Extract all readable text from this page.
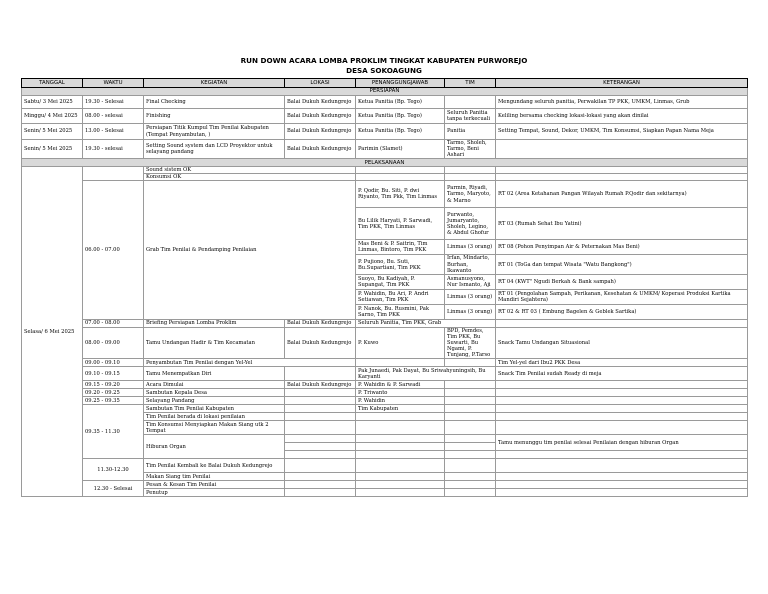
RUN DOWN ACARA LOMBA PROKLIM TINGKAT KABUPATEN PURWOREJO
DESA SOKOAGUNG
TANGGAL	WAKTU	KEGIATAN	LOKASI	PENANGGUNGJAWAB	TIM	KETERANGAN
PERSIAPAN						
Sabtu/ 3 Mei 2025	19.30 - Selesai	Final Checking	Balai Dukuh Kedungrejo	Ketua Panitia (Bp. Tego)		Mengundang seluruh panitia, Perwakilan TP PKK, UMKM, Linmas, Grub
Minggu/ 4 Mei 2025	08.00 - selesai	Finishing	Balai Dukuh Kedungrejo	Ketua Panitia (Bp. Tego)	Seluruh Panitia tanpa terkecuali	Keliling bersama checking lokasi-lokasi yang akan dinilai
Senin/ 5 Mei 2025	13.00 - Selesai	Persiapan Titik Kumpul Tim Penilai Kabupaten (Tempat Penyambutan, )	Balai Dukuh Kedungrejo	Ketua Panitia (Bp. Tego)	Panitia	Setting Tempat, Sound, Dekor, UMKM, Tim Konsumsi, Siapkan Papan Nama Meja
Senin/ 5 Mei 2025	19.30 - selesai	Setting Sound system dan LCD Proyektor untuk selayang pandang	Balai Dukuh Kedungrejo	Parimin (Slamet)	Tarmo, Sholeh, Tarmo, Beni Ashari	
PELAKSANAAN						
Selasa/ 6 Mei 2025		Sound sistem OK				
		Konsumsi OK				
	06.00 - 07.00	Grab Tim Penilai & Pendamping Penilaian		P. Qodir, Bu. Siti, P. dwi Riyanto, Tim Pkk, Tim Linmas	Parmin, Riyadi, Tarmo, Maryoto, & Marno	RT 02 (Area Ketahanan Pangan Wilayah Rumah P.Qodir dan sekitarnya)
				Bu Lilik Haryati, P. Sarwadi, Tim PKK, Tim Linmas	Purwanto, Jumaryanto, Sholeh, Legino, & Abdul Ghofur	RT 03 (Rumah Sehat Ibu Yatini)
				Mas Beni & P. Saitrin, Tim Linmas, Bintoro, Tim PKK	Linmas (3 orang)	RT 08 (Pohon Penyimpan Air & Peternakan Mas Beni)
				P. Pujiono, Bu. Suti, Bu.Supartiani, Tim PKK	Irfan, Mindarto, Burhan, Ikawanto	RT 01 (ToGa dan tempat Wisata "Watu Bangkong")
				Suoyo, Bu Kadiyah, P. Supangat, Tim PKK	Asmanusyono, Nur Ismanto, Aji	RT 04 (KWT" Ngudi Berkah & Bank sampah)
				P. Wahidin, Bu Ari, P. Andri Setiawan, Tim PKK	Linmas (3 orang)	RT 01 (Pengolahan Sampah, Perikanan, Kesehatan & UMKM/ Koperasi Produksi Kartika Mandiri Sejahtera)
				P. Nanok, Bu. Rusmini, Pak Sarno, Tim PKK	Linmas (3 orang)	RT 02 & RT 03 ( Embung Bagelen & Geblek Sartika)
	07.00 - 08.00	Briefing Persiapan Lomba Proklim	Balai Dukuh Kedungrejo	Seluruh Panitia, Tim PKK, Grab		
	08.00 - 09.00	Tamu Undangan Hadir & Tim Kecamatan	Balai Dukuh Kedungrejo	P. Kuwo	BPD, Pemdes, Tim PKK, Bu Suwarti, Bu Ngami, P. Tunjang, P.Tarso	Snack Tamu Undangan Situasional
	09.00 - 09.10	Penyambutan Tim Penilai dengan Yel-Yel				Tim Yel-yel dari Ibu2 PKK Desa
	09.10 - 09.15	Tamu Menempatkan Diri		Pak Junaedi, Pak Dayat, Bu Sriwahyuningsih, Bu Karyanti		Snack Tim Penilai sudah Ready di meja
	09.15 - 09.20	Acara Dimulai	Balai Dukuh Kedungrejo	P. Wahidin & P. Sarwadi		
	09.20 - 09.25	Sambutan Kepala Desa		P. Triwanto		
	09.25 - 09.35	Selayang Pandang		P. Wahidin		
	09.35 - 11.30	Sambutan Tim Penilai Kabupaten		Tim Kabupaten		
		Tim Penilai berada di lokasi penilaian				
		Tim Konsumsi Menyiapkan Makan Siang utk 2 Tempat				
		Hiburan Organ				Tamu menunggu tim penilai selesai Penilaian dengan hiburan Organ

	11.30-12.30	Tim Penilai Kembali ke Balai Dukuh Kedungrejo				
		Makan Siang tim Penilai				
	12.30 - Selesai	Pesan & Kesan Tim Penilai				
		Penutup				
